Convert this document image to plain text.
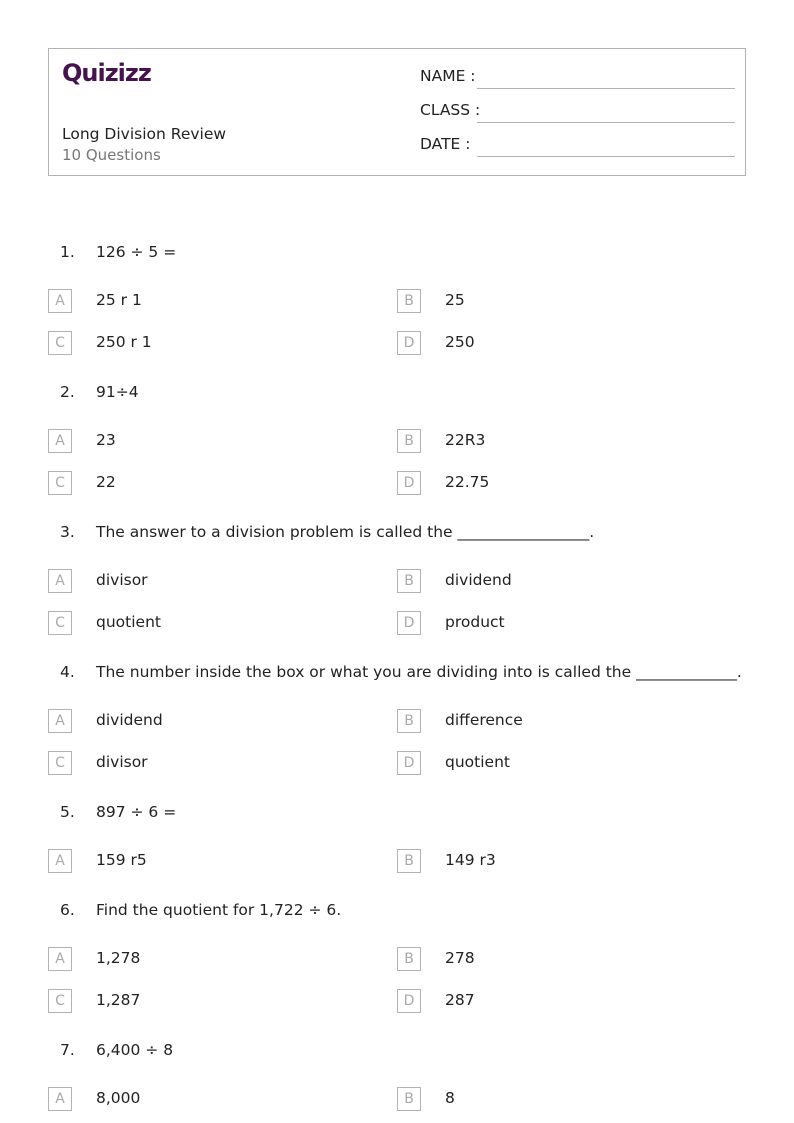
Quizizz
Long Division Review
10 Questions
NAME :
CLASS :
DATE :
1. 126 ÷ 5 =
A	25 r 1	B	25
C	250 r 1	D	250
2. 91÷4
A	23	B	22R3
C	22	D	22.75
3. The answer to a division problem is called the _________________.
A	divisor	B	dividend
C	quotient	D	product
4. The number inside the box or what you are dividing into is called the _____________.
A	dividend	B	difference
C	divisor	D	quotient
5. 897 ÷ 6 =
A	159 r5	B	149 r3
6. Find the quotient for 1,722 ÷ 6.
A	1,278	B	278
C	1,287	D	287
7. 6,400 ÷ 8
A	8,000	B	8
